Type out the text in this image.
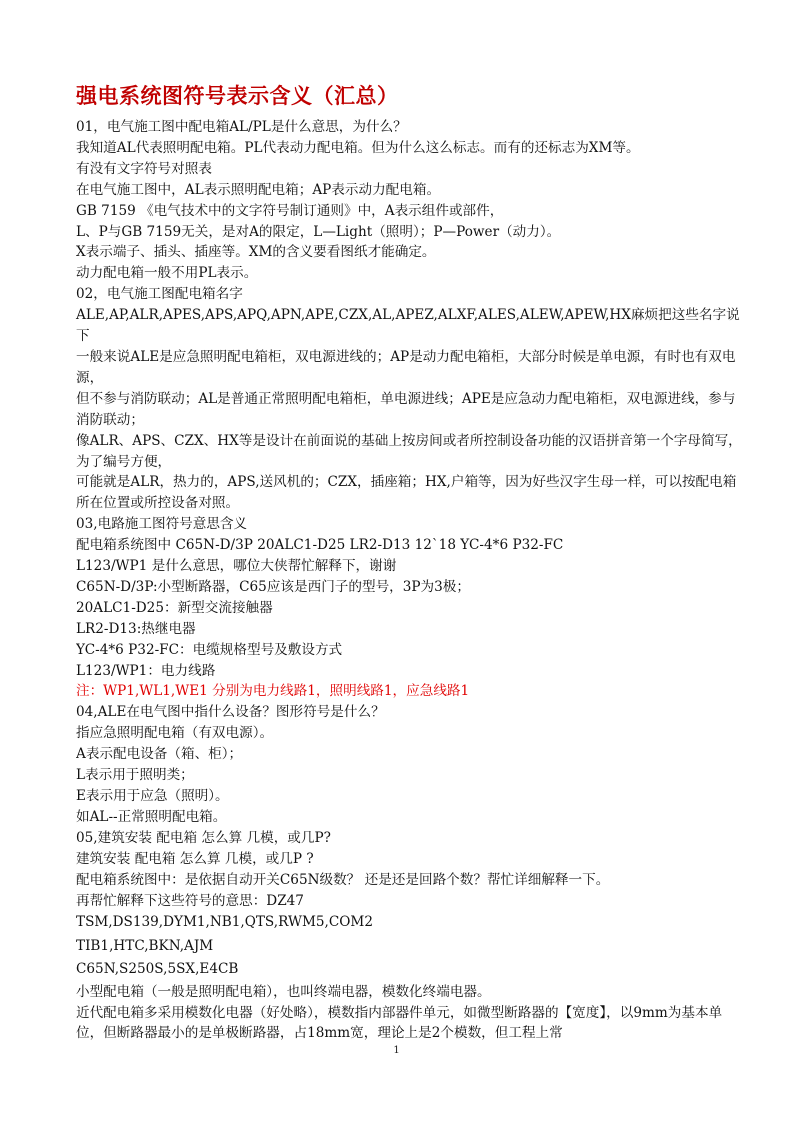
强电系统图符号表示含义（汇总）
01，电气施工图中配电箱AL/PL是什么意思，为什么？
我知道AL代表照明配电箱。PL代表动力配电箱。但为什么这么标志。而有的还标志为XM等。
有没有文字符号对照表
在电气施工图中，AL表示照明配电箱；AP表示动力配电箱。
GB 7159 《电气技术中的文字符号制订通则》中，A表示组件或部件，
L、P与GB 7159无关，是对A的限定，L—Light（照明）；P—Power（动力）。
X表示端子、插头、插座等。XM的含义要看图纸才能确定。
动力配电箱一般不用PL表示。
02，电气施工图配电箱名字
ALE,AP,ALR,APES,APS,APQ,APN,APE,CZX,AL,APEZ,ALXF,ALES,ALEW,APEW,HX麻烦把这些名字说下
一般来说ALE是应急照明配电箱柜，双电源进线的；AP是动力配电箱柜，大部分时候是单电源，有时也有双电源，
但不参与消防联动；AL是普通正常照明配电箱柜，单电源进线；APE是应急动力配电箱柜，双电源进线，参与消防联动；
像ALR、APS、CZX、HX等是设计在前面说的基础上按房间或者所控制设备功能的汉语拼音第一个字母简写，为了编号方便，
可能就是ALR，热力的，APS,送风机的；CZX，插座箱；HX,户箱等，因为好些汉字生母一样，可以按配电箱所在位置或所控设备对照。
03,电路施工图符号意思含义
配电箱系统图中 C65N-D/3P 20ALC1-D25 LR2-D13 12`18 YC-4*6 P32-FC
L123/WP1 是什么意思，哪位大侠帮忙解释下，谢谢
C65N-D/3P:小型断路器，C65应该是西门子的型号，3P为3极；
20ALC1-D25：新型交流接触器
LR2-D13:热继电器
YC-4*6 P32-FC：电缆规格型号及敷设方式
L123/WP1：电力线路
注：WP1,WL1,WE1 分别为电力线路1，照明线路1，应急线路1
04,ALE在电气图中指什么设备？图形符号是什么？
指应急照明配电箱（有双电源）。
A表示配电设备（箱、柜）；
L表示用于照明类；
E表示用于应急（照明）。
如AL--正常照明配电箱。
05,建筑安装 配电箱 怎么算 几模，或几P?
建筑安装 配电箱 怎么算 几模，或几P ?
配电箱系统图中：是依据自动开关C65N级数？ 还是还是回路个数？帮忙详细解释一下。
再帮忙解释下这些符号的意思：DZ47
TSM,DS139,DYM1,NB1,QTS,RWM5,COM2
TIB1,HTC,BKN,AJM
C65N,S250S,5SX,E4CB
小型配电箱（一般是照明配电箱），也叫终端电器，模数化终端电器。
近代配电箱多采用模数化电器（好处略），模数指内部器件单元，如微型断路器的【宽度】，以9mm为基本单位，但断路器最小的是单极断路器，占18mm宽，理论上是2个模数，但工程上常
1
